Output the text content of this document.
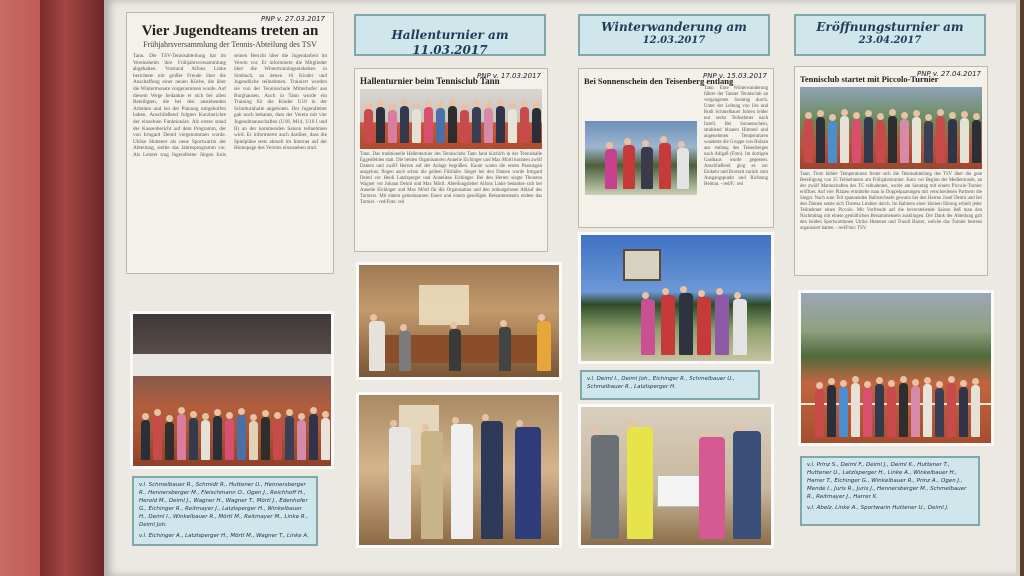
PNP v. 27.03.2017
Vier Jugendteams treten an
Frühjahrsversammlung der Tennis-Abteilung des TSV
Tann. Die TSV-Tennisabteilung hat im Vereinsheim ihre Frühjahrsversammlung abgehalten. Vorstand Alfons Linke berichtete mit großer Freude über die Anschaffung einer neuen Küche, die über die Wintermonate vorgenommen wurde. Auf diesem Wege bedankte er sich bei allen Beteiligten, die bei den anstehenden Arbeiten und bei der Planung mitgeholfen haben. Anschließend folgten Kurzberichte der einzelnen Funktionäre. Als erstes stand der Kassenbericht auf dem Programm, der von Irmgard Deiml vorgenommen wurde. Ulrike Huttener als neue Sportwartin der Abteilung, stellte das Jahresprogramm vor. Als Letzter trug Jugendleiter Jürgen Juris seinen Bericht über die Jugendarbeit im Verein vor. Er informierte die Mitglieder über die Wintertrainingseinheiten in Simbach, an denen 16 Kinder und Jugendliche teilnehmen. Trainiert wurden sie von der Tennisschule Mitterhofer aus Burghausen. Auch in Tann wurde ein Training für die Kinder U10 in der Schulturnhalle angeboten. Der Jugendleiter gab noch bekannt, dass der Verein mit vier Jugendmannschaften (U18, M14, U10 I und II) an der kommenden Saison teilnehmen wird. Er informierte auch darüber, dass die Spielpläne stets aktuell im Internet auf der Homepage des Vereins einzusehen sind.
v.l. Schmelbauer R., Schmidt R., Huttener U., Hennersberger R., Hennersberger M., Fleischmann O., Ogen J., Reichhoff H., Herold M., Deiml J., Wagner H., Wagner T., Mörtl J., Edenhofer G., Eichinger R., Reitmayer J., Latzlsperger H., Winkelbauer H., Deiml I., Winkelbauer R., Mörtl M., Reitmayer M., Linke R., Deiml Joh.
v.l. Eichinger A., Latzlsperger H., Mörtl M., Wagner T., Linke A.
Hallenturnier am 11.03.2017
PNP v. 17.03.2017
Hallenturnier beim Tennisclub Tann
Tann. Das traditionelle Hallenturnier des Tennisclubs Tann fand kürzlich in der Tennishalle Eggenfelden statt. Die beiden Organisatoren Annelie Eichinger und Max Mörtl konnten zwölf Damen und zwölf Herren auf der Anlage begrüßen. Kaum waren die ersten Paarungen ausgelost, flogen auch schon die gelben Filzbälle. Sieger bei den Damen wurde Irmgard Deiml vor Heidi Latzlsperger und Anneliese Eichinger. Bei den Herren siegte Thorsten Wagner vor Johann Deiml und Max Mörtl. Abteilungsleiter Alfons Linke bedankte sich bei Annelie Eichinger und Max Mörtl für die Organisation und den reibungslosen Ablauf des Turniers. Mit einem gemeinsamen Essen und einem geselligen Beisammensein endete das Turnier. - red/Foto: red
Winterwanderung am
12.03.2017
PNP v. 15.03.2017
Bei Sonnenschein den Teisenberg entlang
Tann. Eine Winterwanderung führte der Tanner Tennisclub an vergangenen Sonntag durch. Unter der Leitung von Ute und Rudi Schmelbauer fuhren leider nur sechs Teilnehmer nach Inzell. Bei Sonnenschein, strahlend blauem Himmel und angenehmen Temperaturen wanderte die Gruppe von Holzen aus entlang des Teisenberges nach Adlgaß (Foto). Im dortigen Gasthaus wurde gegessen. Anschließend ging es zur Einkehr und Brotzeit zurück zum Ausgangspunkt und Richtung Heimat. - red/F.: red
v.l. Deiml I., Deiml Joh., Eichinger R., Schmelbauer U., Schmelbauer R., Latzlsperger H.
Eröffnungsturnier am
23.04.2017
PNP v. 27.04.2017
Tennisclub startet mit Piccolo-Turnier
Tann. Trotz kühler Temperaturen freute sich die Tennisabteilung des TSV über die gute Beteiligung von 25 Teilnehmern am Frühjahrsturnier. Kurz vor Beginn der Medienrunde, an der zwölf Mannschaften des TC teilnahmen, wurde am Sonntag mit einem Piccolo-Turnier eröffnet. Auf vier Plätzen ermittelte man in Doppelpaarungen mit verschiedenen Partnern die Sieger. Nach zum Teil spannenden Ballwechseln gewann bei den Herren Josef Deiml und bei den Damen setzte sich Theresa Lindner durch. Im Rahmen einer kleinen Ehrung erhielt jeder Teilnehmer einen Piccolo. Mit Vorfreude auf die bevorstehende Saison ließ man den Nachmittag mit einem gemütlichen Beisammensein ausklingen. Der Dank der Abteilung galt den beiden Sportwartinnen Ulrike Huttener und Traudl Harrer, welche das Turnier bestens organisiert hatten. - red/Foto: TSV
v.l. Prinz S., Deiml F., Deiml J., Deiml K., Huttener T., Huttener U., Latzlsperger H., Linke A., Winkelbauer H., Harrer T., Eichinger G., Winkelbauer R., Prinz A., Ogen J., Mende I., Juris R., Juris J., Hennersberger M., Schmelbauer R., Reitmayer J., Harrer K.
v.l. Abelz, Linke A., Sportwarin Huttener U., Deiml J.
